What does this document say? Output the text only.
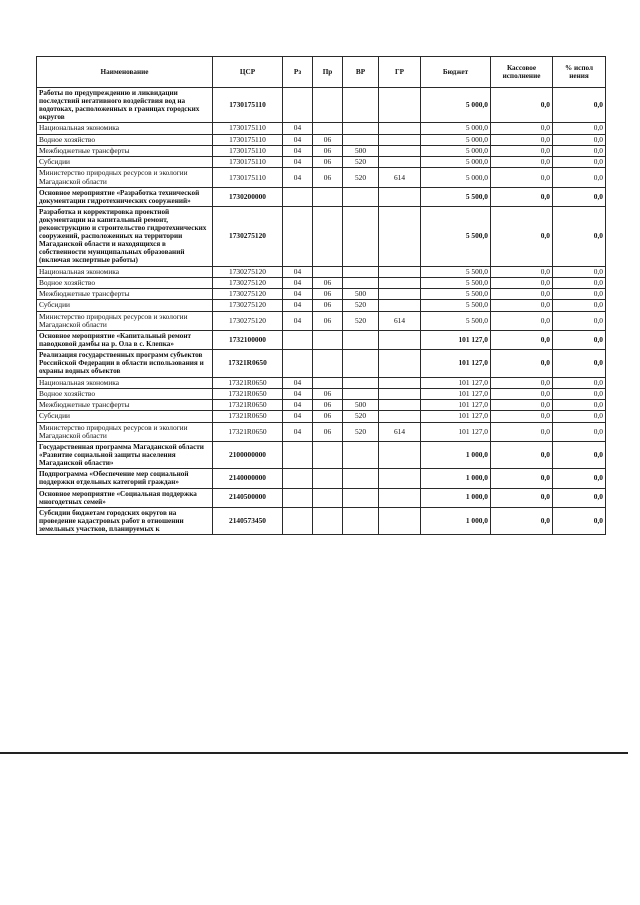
Наименование	ЦСР	Рз	Пр	ВР	ГР	Бюджет	Кассовое исполнение	% испол нения
Работы по предупреждению и ликвидации последствий негативного воздействия вод на водотоках, расположенных в границах городских округов	1730175110					5 000,0	0,0	0,0
Национальная экономика	1730175110	04				5 000,0	0,0	0,0
Водное хозяйство	1730175110	04	06			5 000,0	0,0	0,0
Межбюджетные трансферты	1730175110	04	06	500		5 000,0	0,0	0,0
Субсидии	1730175110	04	06	520		5 000,0	0,0	0,0
Министерство природных ресурсов и экологии Магаданской области	1730175110	04	06	520	614	5 000,0	0,0	0,0
Основное мероприятие «Разработка технической документации гидротехнических сооружений»	1730200000					5 500,0	0,0	0,0
Разработка и корректировка проектной документации на капитальный ремонт, реконструкцию и строительство гидротехнических сооружений, расположенных на территории Магаданской области и находящихся в собственности муниципальных образований (включая экспертные работы)	1730275120					5 500,0	0,0	0,0
Национальная экономика	1730275120	04				5 500,0	0,0	0,0
Водное хозяйство	1730275120	04	06			5 500,0	0,0	0,0
Межбюджетные трансферты	1730275120	04	06	500		5 500,0	0,0	0,0
Субсидии	1730275120	04	06	520		5 500,0	0,0	0,0
Министерство природных ресурсов и экологии Магаданской области	1730275120	04	06	520	614	5 500,0	0,0	0,0
Основное мероприятие «Капитальный ремонт паводковой дамбы на р. Ола в с. Клепка»	1732100000					101 127,0	0,0	0,0
Реализация государственных программ субъектов Российской Федерации в области использования и охраны водных объектов	17321R0650					101 127,0	0,0	0,0
Национальная экономика	17321R0650	04				101 127,0	0,0	0,0
Водное хозяйство	17321R0650	04	06			101 127,0	0,0	0,0
Межбюджетные трансферты	17321R0650	04	06	500		101 127,0	0,0	0,0
Субсидии	17321R0650	04	06	520		101 127,0	0,0	0,0
Министерство природных ресурсов и экологии Магаданской области	17321R0650	04	06	520	614	101 127,0	0,0	0,0
Государственная программа Магаданской области «Развитие социальной защиты населения Магаданской области»	2100000000					1 000,0	0,0	0,0
Подпрограмма «Обеспечение мер социальной поддержки отдельных категорий граждан»	2140000000					1 000,0	0,0	0,0
Основное мероприятие «Социальная поддержка многодетных семей»	2140500000					1 000,0	0,0	0,0
Субсидии бюджетам городских округов на проведение кадастровых работ в отношении земельных участков, планируемых к	2140573450					1 000,0	0,0	0,0
